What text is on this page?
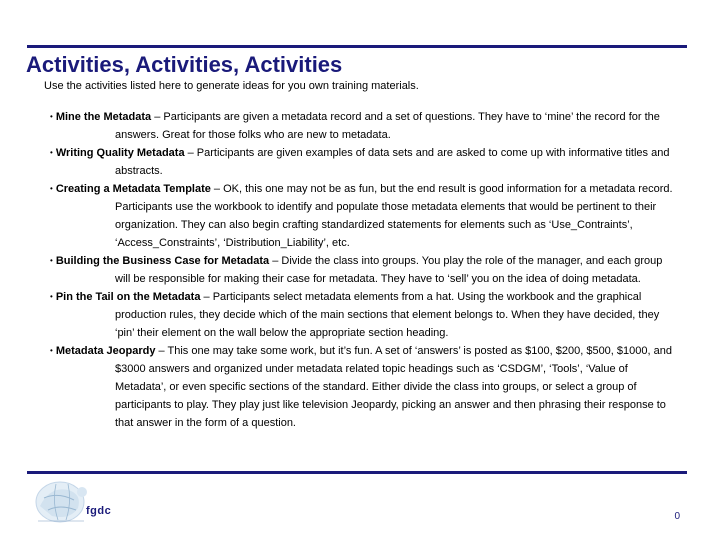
Activities, Activities, Activities
Use the activities listed here to generate ideas for you own training materials.
• Mine the Metadata – Participants are given a metadata record and a set of questions. They have to ‘mine’ the record for the answers. Great for those folks who are new to metadata.
• Writing Quality Metadata – Participants are given examples of data sets and are asked to come up with informative titles and abstracts.
• Creating a Metadata Template – OK, this one may not be as fun, but the end result is good information for a metadata record. Participants use the workbook to identify and populate those metadata elements that would be pertinent to their organization. They can also begin crafting standardized statements for elements such as ‘Use_Contraints’, ‘Access_Constraints’, ‘Distribution_Liability’, etc.
• Building the Business Case for Metadata – Divide the class into groups. You play the role of the manager, and each group will be responsible for making their case for metadata. They have to ‘sell’ you on the idea of doing metadata.
• Pin the Tail on the Metadata – Participants select metadata elements from a hat. Using the workbook and the graphical production rules, they decide which of the main sections that element belongs to. When they have decided, they ‘pin’ their element on the wall below the appropriate section heading.
• Metadata Jeopardy – This one may take some work, but it’s fun. A set of ‘answers’ is posted as $100, $200, $500, $1000, and $3000 answers and organized under metadata related topic headings such as ‘CSDGM’, ‘Tools’, ‘Value of Metadata’, or even specific sections of the standard. Either divide the class into groups, or select a group of participants to play. They play just like television Jeopardy, picking an answer and then phrasing their response to that answer in the form of a question.
fgdc	0
